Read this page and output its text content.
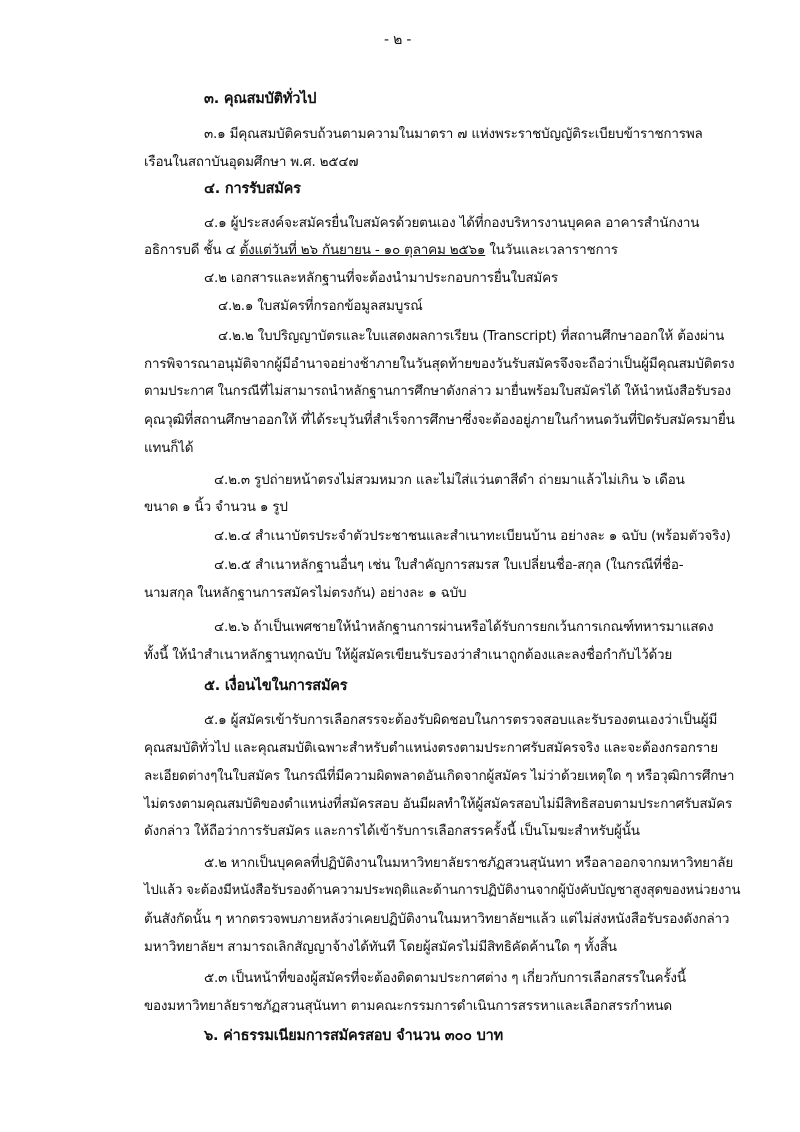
- ๒ -
๓. คุณสมบัติทั่วไป
๓.๑ มีคุณสมบัติครบถ้วนตามความในมาตรา ๗ แห่งพระราชบัญญัติระเบียบข้าราชการพล
เรือนในสถาบันอุดมศึกษา พ.ศ. ๒๕๔๗
๔. การรับสมัคร
๔.๑ ผู้ประสงค์จะสมัครยื่นใบสมัครด้วยตนเอง ได้ที่กองบริหารงานบุคคล อาคารสำนักงาน
อธิการบดี ชั้น ๔ ตั้งแต่วันที่ ๒๖ กันยายน - ๑๐ ตุลาคม ๒๕๖๑ ในวันและเวลาราชการ
๔.๒ เอกสารและหลักฐานที่จะต้องนำมาประกอบการยื่นใบสมัคร
๔.๒.๑ ใบสมัครที่กรอกข้อมูลสมบูรณ์
๔.๒.๒ ใบปริญญาบัตรและใบแสดงผลการเรียน (Transcript) ที่สถานศึกษาออกให้ ต้องผ่าน
การพิจารณาอนุมัติจากผู้มีอำนาจอย่างช้าภายในวันสุดท้ายของวันรับสมัครจึงจะถือว่าเป็นผู้มีคุณสมบัติตรง
ตามประกาศ ในกรณีที่ไม่สามารถนำหลักฐานการศึกษาดังกล่าว มายื่นพร้อมใบสมัครได้ ให้นำหนังสือรับรอง
คุณวุฒิที่สถานศึกษาออกให้ ที่ได้ระบุวันที่สำเร็จการศึกษาซึ่งจะต้องอยู่ภายในกำหนดวันที่ปิดรับสมัครมายื่น
แทนก็ได้
๔.๒.๓ รูปถ่ายหน้าตรงไม่สวมหมวก และไม่ใส่แว่นตาสีดำ ถ่ายมาแล้วไม่เกิน ๖ เดือน
ขนาด ๑ นิ้ว จำนวน ๑ รูป
๔.๒.๔ สำเนาบัตรประจำตัวประชาชนและสำเนาทะเบียนบ้าน อย่างละ ๑ ฉบับ (พร้อมตัวจริง)
๔.๒.๕ สำเนาหลักฐานอื่นๆ เช่น ใบสำคัญการสมรส ใบเปลี่ยนชื่อ-สกุล (ในกรณีที่ชื่อ-
นามสกุล ในหลักฐานการสมัครไม่ตรงกัน) อย่างละ ๑ ฉบับ
๔.๒.๖ ถ้าเป็นเพศชายให้นำหลักฐานการผ่านหรือได้รับการยกเว้นการเกณฑ์ทหารมาแสดง
ทั้งนี้ ให้นำสำเนาหลักฐานทุกฉบับ ให้ผู้สมัครเขียนรับรองว่าสำเนาถูกต้องและลงชื่อกำกับไว้ด้วย
๕. เงื่อนไขในการสมัคร
๕.๑ ผู้สมัครเข้ารับการเลือกสรรจะต้องรับผิดชอบในการตรวจสอบและรับรองตนเองว่าเป็นผู้มี
คุณสมบัติทั่วไป และคุณสมบัติเฉพาะสำหรับตำแหน่งตรงตามประกาศรับสมัครจริง และจะต้องกรอกราย
ละเอียดต่างๆในใบสมัคร ในกรณีที่มีความผิดพลาดอันเกิดจากผู้สมัคร ไม่ว่าด้วยเหตุใด ๆ หรือวุฒิการศึกษา
ไม่ตรงตามคุณสมบัติของตำแหน่งที่สมัครสอบ อันมีผลทำให้ผู้สมัครสอบไม่มีสิทธิสอบตามประกาศรับสมัคร
ดังกล่าว ให้ถือว่าการรับสมัคร และการได้เข้ารับการเลือกสรรครั้งนี้ เป็นโมฆะสำหรับผู้นั้น
๕.๒ หากเป็นบุคคลที่ปฏิบัติงานในมหาวิทยาลัยราชภัฏสวนสุนันทา หรือลาออกจากมหาวิทยาลัย
ไปแล้ว จะต้องมีหนังสือรับรองด้านความประพฤติและด้านการปฏิบัติงานจากผู้บังคับบัญชาสูงสุดของหน่วยงาน
ต้นสังกัดนั้น ๆ หากตรวจพบภายหลังว่าเคยปฏิบัติงานในมหาวิทยาลัยฯแล้ว แต่ไม่ส่งหนังสือรับรองดังกล่าว
มหาวิทยาลัยฯ สามารถเลิกสัญญาจ้างได้ทันที โดยผู้สมัครไม่มีสิทธิคัดค้านใด ๆ ทั้งสิ้น
๕.๓ เป็นหน้าที่ของผู้สมัครที่จะต้องติดตามประกาศต่าง ๆ เกี่ยวกับการเลือกสรรในครั้งนี้
ของมหาวิทยาลัยราชภัฏสวนสุนันทา ตามคณะกรรมการดำเนินการสรรหาและเลือกสรรกำหนด
๖. ค่าธรรมเนียมการสมัครสอบ จำนวน ๓๐๐ บาท
